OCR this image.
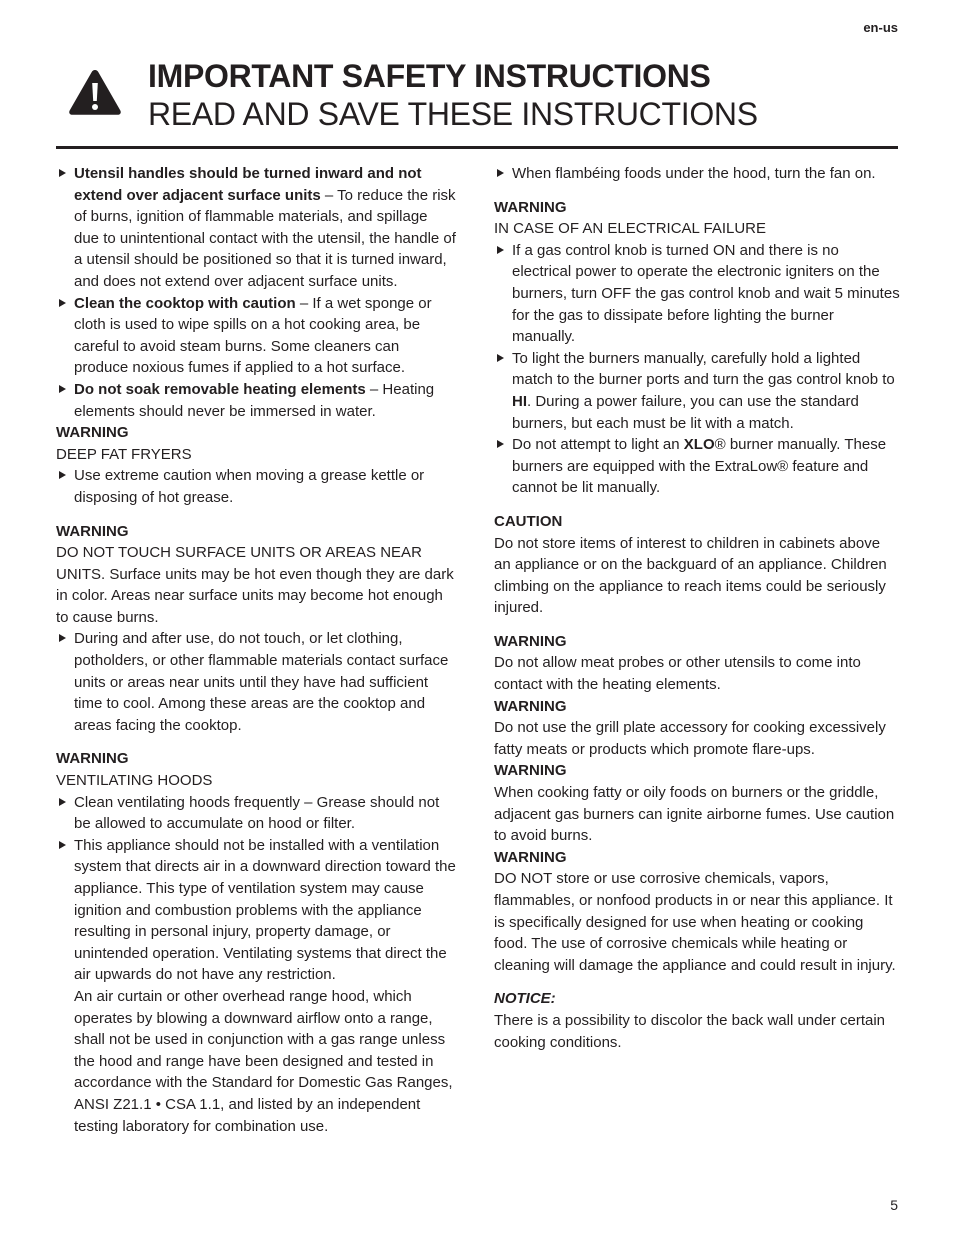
en-us
IMPORTANT SAFETY INSTRUCTIONS
READ AND SAVE THESE INSTRUCTIONS
Utensil handles should be turned inward and not extend over adjacent surface units – To reduce the risk of burns, ignition of flammable materials, and spillage due to unintentional contact with the utensil, the handle of a utensil should be positioned so that it is turned inward, and does not extend over adjacent surface units.
Clean the cooktop with caution – If a wet sponge or cloth is used to wipe spills on a hot cooking area, be careful to avoid steam burns. Some cleaners can produce noxious fumes if applied to a hot surface.
Do not soak removable heating elements – Heating elements should never be immersed in water.
WARNING
DEEP FAT FRYERS
Use extreme caution when moving a grease kettle or disposing of hot grease.
WARNING
DO NOT TOUCH SURFACE UNITS OR AREAS NEAR UNITS. Surface units may be hot even though they are dark in color. Areas near surface units may become hot enough to cause burns.
During and after use, do not touch, or let clothing, potholders, or other flammable materials contact surface units or areas near units until they have had sufficient time to cool. Among these areas are the cooktop and areas facing the cooktop.
WARNING
VENTILATING HOODS
Clean ventilating hoods frequently – Grease should not be allowed to accumulate on hood or filter.
This appliance should not be installed with a ventilation system that directs air in a downward direction toward the appliance. This type of ventilation system may cause ignition and combustion problems with the appliance resulting in personal injury, property damage, or unintended operation. Ventilating systems that direct the air upwards do not have any restriction.
An air curtain or other overhead range hood, which operates by blowing a downward airflow onto a range, shall not be used in conjunction with a gas range unless the hood and range have been designed and tested in accordance with the Standard for Domestic Gas Ranges, ANSI Z21.1 • CSA 1.1, and listed by an independent testing laboratory for combination use.
When flambéing foods under the hood, turn the fan on.
WARNING
IN CASE OF AN ELECTRICAL FAILURE
If a gas control knob is turned ON and there is no electrical power to operate the electronic igniters on the burners, turn OFF the gas control knob and wait 5 minutes for the gas to dissipate before lighting the burner manually.
To light the burners manually, carefully hold a lighted match to the burner ports and turn the gas control knob to HI. During a power failure, you can use the standard burners, but each must be lit with a match.
Do not attempt to light an XLO® burner manually. These burners are equipped with the ExtraLow® feature and cannot be lit manually.
CAUTION
Do not store items of interest to children in cabinets above an appliance or on the backguard of an appliance. Children climbing on the appliance to reach items could be seriously injured.
WARNING
Do not allow meat probes or other utensils to come into contact with the heating elements.
WARNING
Do not use the grill plate accessory for cooking excessively fatty meats or products which promote flare-ups.
WARNING
When cooking fatty or oily foods on burners or the griddle, adjacent gas burners can ignite airborne fumes. Use caution to avoid burns.
WARNING
DO NOT store or use corrosive chemicals, vapors, flammables, or nonfood products in or near this appliance. It is specifically designed for use when heating or cooking food. The use of corrosive chemicals while heating or cleaning will damage the appliance and could result in injury.
NOTICE:
There is a possibility to discolor the back wall under certain cooking conditions.
5
